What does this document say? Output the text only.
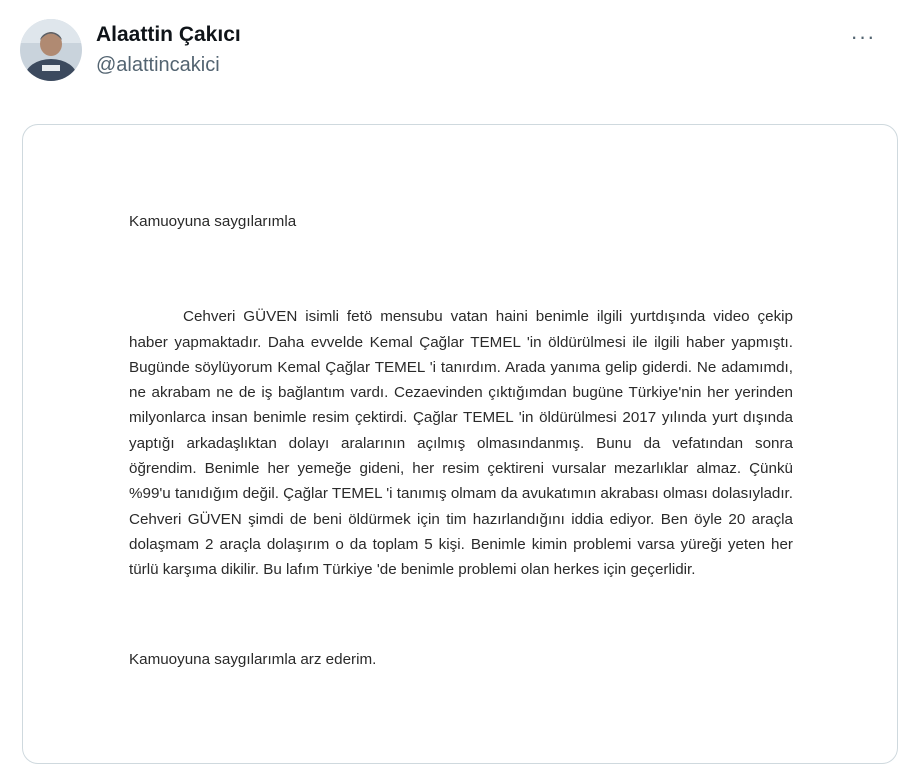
Alaattin Çakıcı
@alattincakici
···

Kamuoyuna saygılarımla

Cehveri GÜVEN isimli fetö mensubu vatan haini benimle ilgili yurtdışında video çekip haber yapmaktadır. Daha evvelde Kemal Çağlar TEMEL 'in öldürülmesi ile ilgili haber yapmıştı. Bugünde söylüyorum Kemal Çağlar TEMEL 'i tanırdım. Arada yanıma gelip giderdi. Ne adamımdı, ne akrabam ne de iş bağlantım vardı. Cezaevinden çıktığımdan bugüne Türkiye'nin her yerinden milyonlarca insan benimle resim çektirdi. Çağlar TEMEL 'in öldürülmesi 2017 yılında yurt dışında yaptığı arkadaşlıktan dolayı aralarının açılmış olmasındanmış. Bunu da vefatından sonra öğrendim. Benimle her yemeğe gideni, her resim çektireni vursalar mezarlıklar almaz. Çünkü %99'u tanıdığım değil. Çağlar TEMEL 'i tanımış olmam da avukatımın akrabası olması dolasıyladır. Cehveri GÜVEN şimdi de beni öldürmek için tim hazırlandığını iddia ediyor. Ben öyle 20 araçla dolaşmam 2 araçla dolaşırım o da toplam 5 kişi. Benimle kimin problemi varsa yüreği yeten her türlü karşıma dikilir. Bu lafım Türkiye 'de benimle problemi olan herkes için geçerlidir.

Kamuoyuna saygılarımla arz ederim.
